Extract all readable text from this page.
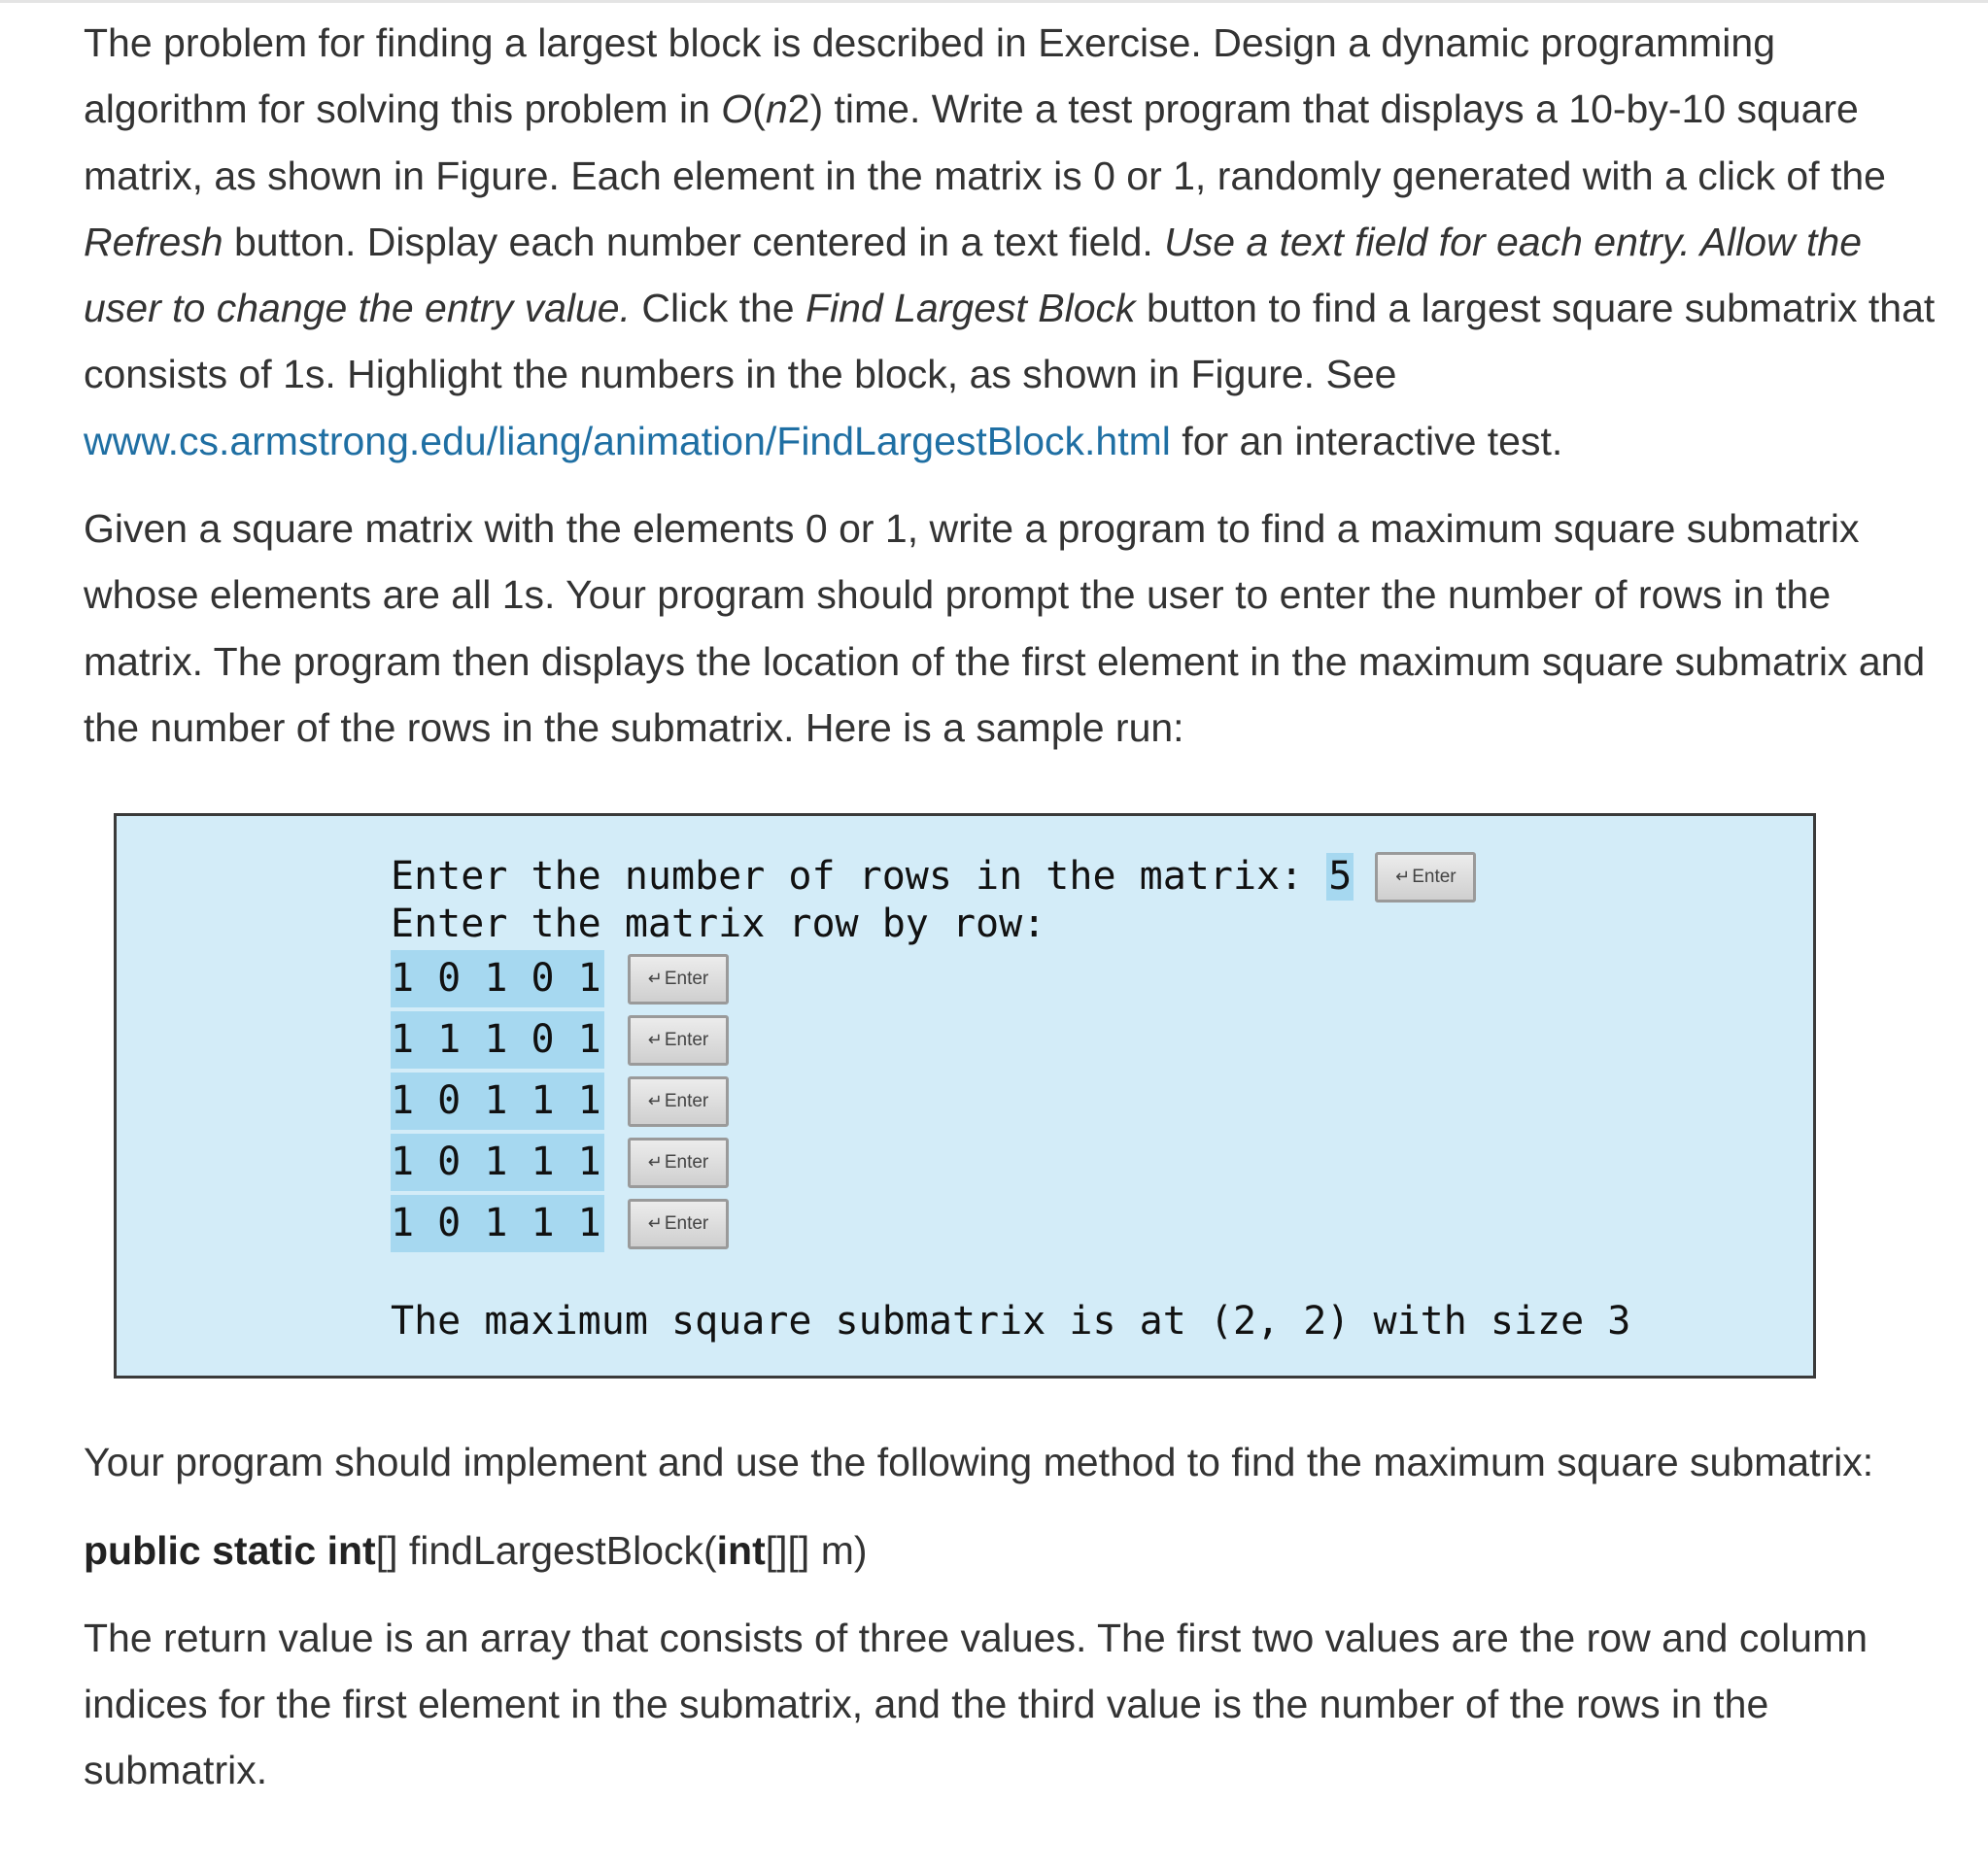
The problem for finding a largest block is described in Exercise. Design a dynamic programming algorithm for solving this problem in O(n2) time. Write a test program that displays a 10-by-10 square matrix, as shown in Figure. Each element in the matrix is 0 or 1, randomly generated with a click of the Refresh button. Display each number centered in a text field. Use a text field for each entry. Allow the user to change the entry value. Click the Find Largest Block button to find a largest square submatrix that consists of 1s. Highlight the numbers in the block, as shown in Figure. See www.cs.armstrong.edu/liang/animation/FindLargestBlock.html for an interactive test.

Given a square matrix with the elements 0 or 1, write a program to find a maximum square submatrix whose elements are all 1s. Your program should prompt the user to enter the number of rows in the matrix. The program then displays the location of the first element in the maximum square submatrix and the number of the rows in the submatrix. Here is a sample run:

Enter the number of rows in the matrix: 5 ↵ Enter
Enter the matrix row by row:
1 0 1 0 1	↵ Enter
1 1 1 0 1	↵ Enter
1 0 1 1 1	↵ Enter
1 0 1 1 1	↵ Enter
1 0 1 1 1	↵ Enter
The maximum square submatrix is at (2, 2) with size 3

Your program should implement and use the following method to find the maximum square submatrix:

public static int[] findLargestBlock(int[][] m)

The return value is an array that consists of three values. The first two values are the row and column indices for the first element in the submatrix, and the third value is the number of the rows in the submatrix.
